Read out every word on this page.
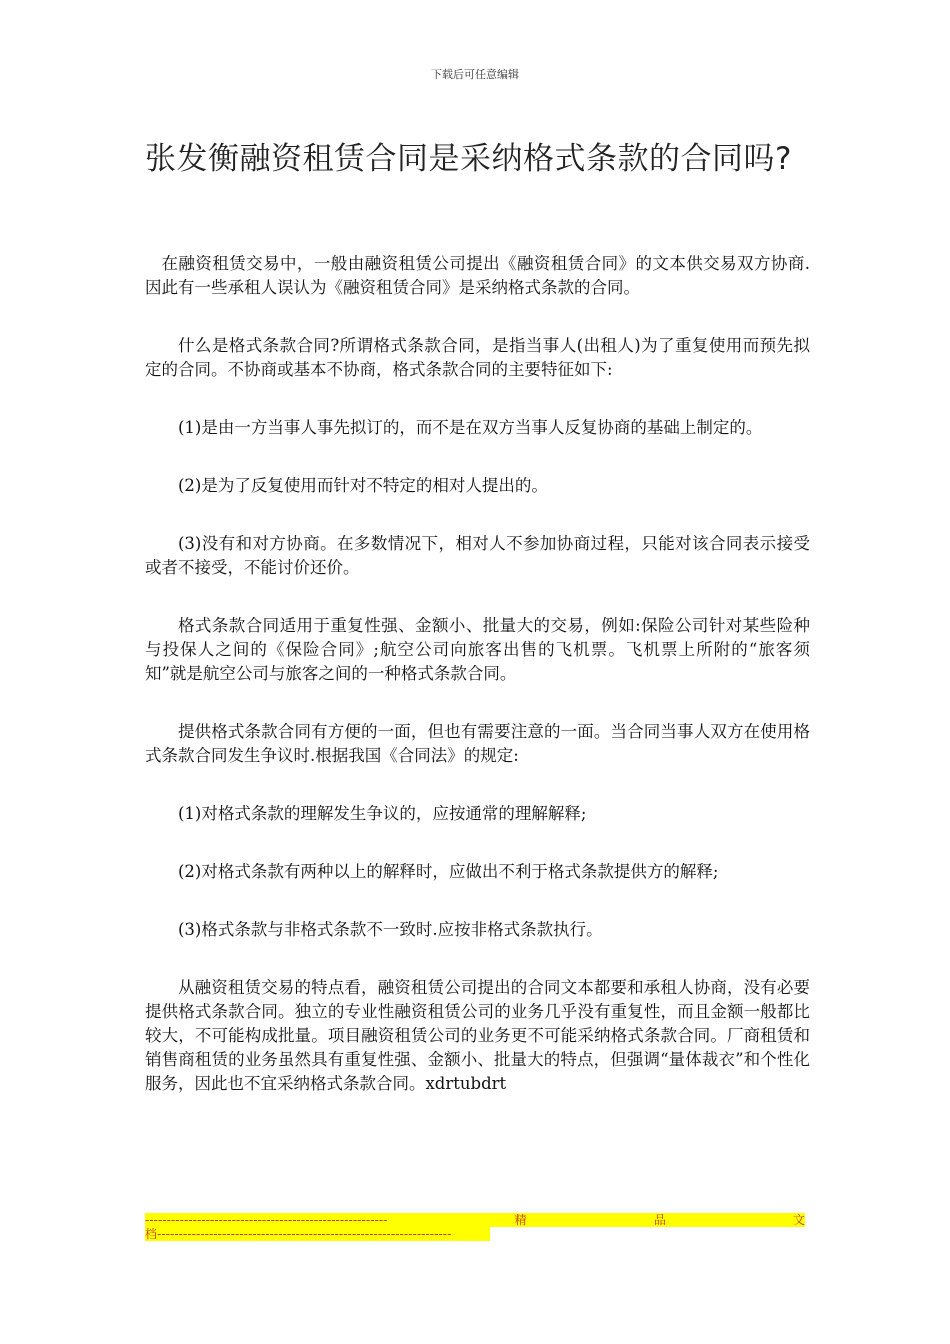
下载后可任意编辑
张发衡融资租赁合同是采纳格式条款的合同吗?

在融资租赁交易中，一般由融资租赁公司提出《融资租赁合同》的文本供交易双方协商.因此有一些承租人误认为《融资租赁合同》是采纳格式条款的合同。

什么是格式条款合同?所谓格式条款合同，是指当事人(出租人)为了重复使用而预先拟定的合同。不协商或基本不协商，格式条款合同的主要特征如下:

(1)是由一方当事人事先拟订的，而不是在双方当事人反复协商的基础上制定的。

(2)是为了反复使用而针对不特定的相对人提出的。

(3)没有和对方协商。在多数情况下，相对人不参加协商过程，只能对该合同表示接受或者不接受，不能讨价还价。

格式条款合同适用于重复性强、金额小、批量大的交易，例如:保险公司针对某些险种与投保人之间的《保险合同》;航空公司向旅客出售的飞机票。飞机票上所附的“旅客须知”就是航空公司与旅客之间的一种格式条款合同。

提供格式条款合同有方便的一面，但也有需要注意的一面。当合同当事人双方在使用格式条款合同发生争议时.根据我国《合同法》的规定:

(1)对格式条款的理解发生争议的，应按通常的理解解释;

(2)对格式条款有两种以上的解释时，应做出不利于格式条款提供方的解释;

(3)格式条款与非格式条款不一致时.应按非格式条款执行。

从融资租赁交易的特点看，融资租赁公司提出的合同文本都要和承租人协商，没有必要提供格式条款合同。独立的专业性融资租赁公司的业务几乎没有重复性，而且金额一般都比较大，不可能构成批量。项目融资租赁公司的业务更不可能采纳格式条款合同。厂商租赁和销售商租赁的业务虽然具有重复性强、金额小、批量大的特点，但强调“量体裁衣”和个性化服务，因此也不宜采纳格式条款合同。xdrtubdrt

--------------------------------------------------------	精	品	文
档--------------------------------------------------------------------
